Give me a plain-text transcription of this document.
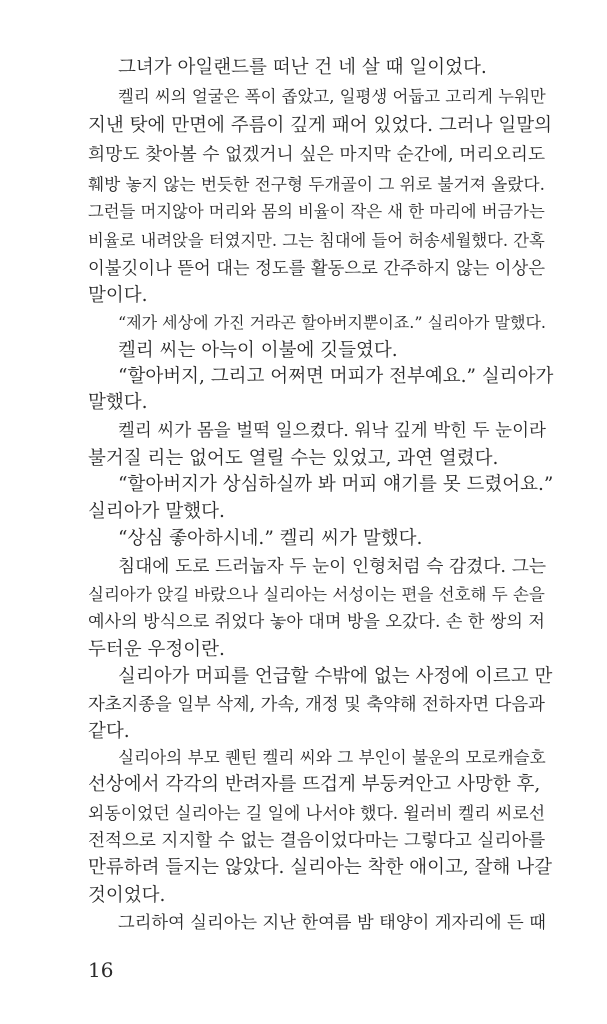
그녀가 아일랜드를 떠난 건 네 살 때 일이었다.
켈리 씨의 얼굴은 폭이 좁았고, 일평생 어둡고 고리게 누워만
지낸 탓에 만면에 주름이 깊게 패어 있었다. 그러나 일말의
희망도 찾아볼 수 없겠거니 싶은 마지막 순간에, 머리오리도
훼방 놓지 않는 번듯한 전구형 두개골이 그 위로 불거져 올랐다.
그런들 머지않아 머리와 몸의 비율이 작은 새 한 마리에 버금가는
비율로 내려앉을 터였지만. 그는 침대에 들어 허송세월했다. 간혹
이불깃이나 뜯어 대는 정도를 활동으로 간주하지 않는 이상은
말이다.
“제가 세상에 가진 거라곤 할아버지뿐이죠.” 실리아가 말했다.
켈리 씨는 아늑이 이불에 깃들였다.
“할아버지, 그리고 어쩌면 머피가 전부예요.” 실리아가
말했다.
켈리 씨가 몸을 벌떡 일으켰다. 워낙 깊게 박힌 두 눈이라
불거질 리는 없어도 열릴 수는 있었고, 과연 열렸다.
“할아버지가 상심하실까 봐 머피 얘기를 못 드렸어요.”
실리아가 말했다.
“상심 좋아하시네.” 켈리 씨가 말했다.
침대에 도로 드러눕자 두 눈이 인형처럼 슥 감겼다. 그는
실리아가 앉길 바랐으나 실리아는 서성이는 편을 선호해 두 손을
예사의 방식으로 쥐었다 놓아 대며 방을 오갔다. 손 한 쌍의 저
두터운 우정이란.
실리아가 머피를 언급할 수밖에 없는 사정에 이르고 만
자초지종을 일부 삭제, 가속, 개정 및 축약해 전하자면 다음과
같다.
실리아의 부모 퀜틴 켈리 씨와 그 부인이 불운의 모로캐슬호
선상에서 각각의 반려자를 뜨겁게 부둥켜안고 사망한 후,
외동이었던 실리아는 길 일에 나서야 했다. 윌러비 켈리 씨로선
전적으로 지지할 수 없는 결음이었다마는 그렇다고 실리아를
만류하려 들지는 않았다. 실리아는 착한 애이고, 잘해 나갈
것이었다.
그리하여 실리아는 지난 한여름 밤 태양이 게자리에 든 때
16
